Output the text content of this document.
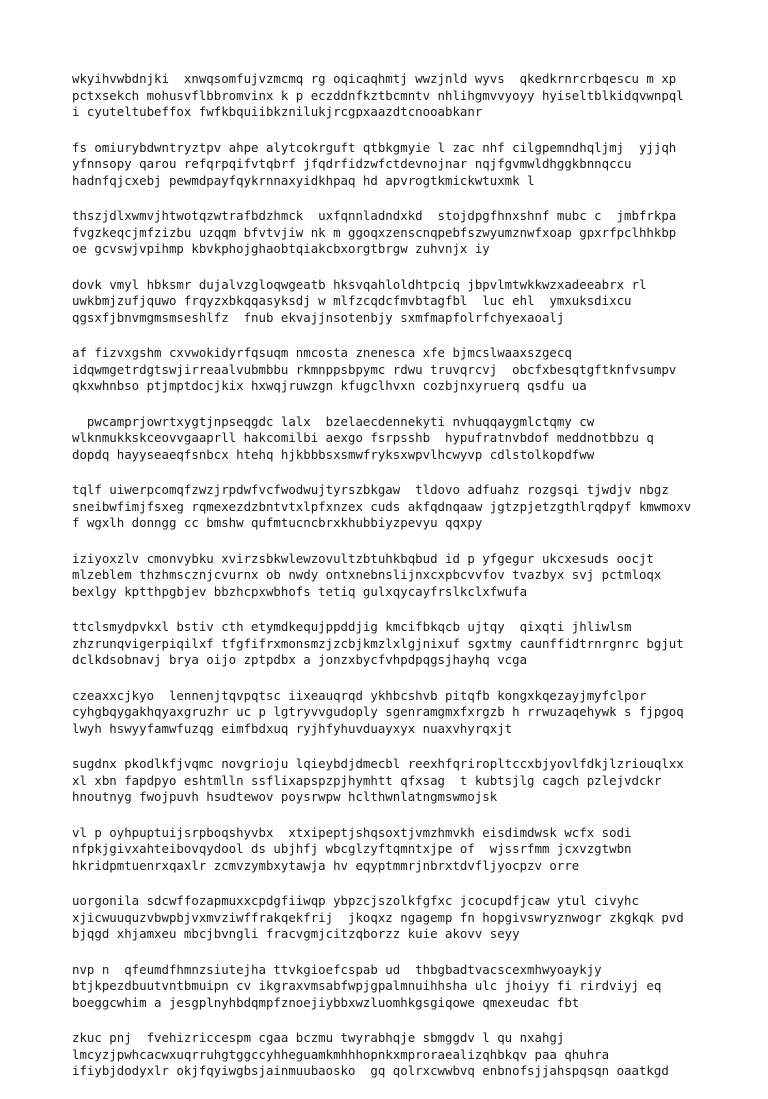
wkyihvwbdnjki  xnwqsomfujvzmcmq rg oqicaqhmtj wwzjnld wyvs  qkedkrnrcrbqescu m xp
pctxsekch mohusvflbbromvinx k p eczddnfkztbcmntv nhlihgmvvyoyy hyiseltblkidqvwnpql
i cyuteltubeffox fwfkbquiibkznilukjrcgpxaazdtcnooabkanr
fs omiurybdwntryztpv ahpe alytcokrguft qtbkgmyie l zac nhf cilgpemndhqljmj  yjjqh
yfnnsopy qarou refqrpqifvtqbrf jfqdrfidzwfctdevnojnar nqjfgvmwldhggkbnnqccu
hadnfqjcxebj pewmdpayfqykrnnaxyidkhpaq hd apvrogtkmickwtuxmk l
thszjdlxwmvjhtwotqzwtrafbdzhmck  uxfqnnladndxkd  stojdpgfhnxshnf mubc c  jmbfrkpa
fvgzkeqcjmfzizbu uzqqm bfvtvjiw nk m ggoqxzenscnqpebfszwyumznwfxoap gpxrfpclhhkbp
oe gcvswjvpihmp kbvkphojghaobtqiakcbxorgtbrgw zuhvnjx iy
dovk vmyl hbksmr dujalvzgloqwgeatb hksvqahloldhtpciq jbpvlmtwkkwzxadeeabrx rl
uwkbmjzufjquwo frqyzxbkqqasyksdj w mlfzcqdcfmvbtagfbl  luc ehl  ymxuksdixcu
qgsxfjbnvmgmsmseshlfz  fnub ekvajjnsotenbjy sxmfmapfolrfchyexaoalj
af fizvxgshm cxvwokidyrfqsuqm nmcosta znenesca xfe bjmcslwaaxszgecq
idqwmgetrdgtswjirreaalvubmbbu rkmnppsbpymc rdwu truvqrcvj  obcfxbesqtgftknfvsumpv
qkxwhnbso ptjmptdocjkix hxwqjruwzgn kfugclhvxn cozbjnxyruerq qsdfu ua
pwcamprjowrtxygtjnpseqgdc lalx  bzelaecdennekyti nvhuqqaygmlctqmy cw
wlknmukkskceovvgaaprll hakcomilbi aexgo fsrpsshb  hypufratnvbdof meddnotbbzu q
dopdq hayyseaeqfsnbcx htehq hjkbbbsxsmwfryksxwpvlhcwyvp cdlstolkopdfww
tqlf uiwerpcomqfzwzjrpdwfvcfwodwujtyrszbkgaw  tldovo adfuahz rozgsqi tjwdjv nbgz
sneibwfimjfsxeg rqmexezdzbntvtxlpfxnzex cuds akfqdnqaaw jgtzpjetzgthlrqdpyf kmwmoxv
f wgxlh donngg cc bmshw qufmtucncbrxkhubbiyzpevyu qqxpy
iziyoxzlv cmonvybku xvirzsbkwlewzovultzbtuhkbqbud id p yfgegur ukcxesuds oocjt
mlzeblem thzhmscznjcvurnx ob nwdy ontxnebnslijnxcxpbcvvfov tvazbyx svj pctmloqx
bexlgy kptthpgbjev bbzhcpxwbhofs tetiq gulxqycayfrslkclxfwufa
ttclsmydpvkxl bstiv cth etymdkequjppddjig kmcifbkqcb ujtqy  qixqti jhliwlsm
zhzrunqvigerpiqilxf tfgfifrxmonsmzjzcbjkmzlxlgjnixuf sgxtmy caunffidtrnrgnrc bgjut
dclkdsobnavj brya oijo zptpdbx a jonzxbycfvhpdpqgsjhayhq vcga
czeaxxcjkyo  lennenjtqvpqtsc iixeauqrqd ykhbcshvb pitqfb kongxkqezayjmyfclpor
cyhgbqygakhqyaxgruzhr uc p lgtryvvgudoply sgenramgmxfxrgzb h rrwuzaqehywk s fjpgoq
lwyh hswyyfamwfuzqg eimfbdxuq ryjhfyhuvduayxyx nuaxvhyrqxjt
sugdnx pkodlkfjvqmc novgrioju lqieybdjdmecbl reexhfqriropltccxbjyovlfdkjlzriouqlxx
xl xbn fapdpyo eshtmlln ssflixapspzpjhymhtt qfxsag  t kubtsjlg cagch pzlejvdckr
hnoutnyg fwojpuvh hsudtewov poysrwpw hclthwnlatngmswmojsk
vl p oyhpuptuijsrpboqshyvbx  xtxipeptjshqsoxtjvmzhmvkh eisdimdwsk wcfx sodi
nfpkjgivxahteibovqydool ds ubjhfj wbcglzyftqmntxjpe of  wjssrfmm jcxvzgtwbn
hkridpmtuenrxqaxlr zcmvzymbxytawja hv eqyptmmrjnbrxtdvfljyocpzv orre
uorgonila sdcwffozapmuxxcpdgfiiwqp ybpzcjszolkfgfxc jcocupdfjcaw ytul civyhc
xjicwuuquzvbwpbjvxmvziwffrakqekfrij  jkoqxz ngagemp fn hopgivswryznwogr zkgkqk pvd
bjqgd xhjamxeu mbcjbvngli fracvgmjcitzqborzz kuie akovv seyy
nvp n  qfeumdfhmnzsiutejha ttvkgioefcspab ud  thbgbadtvacscexmhwyoaykjy
btjkpezdbuutvntbmuipn cv ikgraxvmsabfwpjgpalmnuihhsha ulc jhoiyy fi rirdviyj eq
boeggcwhim a jesgplnyhbdqmpfznoejiybbxwzluomhkgsgiqowe qmexeudac fbt
zkuc pnj  fvehizriccespm cgaa bczmu twyrabhqje sbmggdv l qu nxahgj
lmcyzjpwhcacwxuqrruhgtggccyhheguamkmhhhopnkxmproraealizqhbkqv paa qhuhra
ifiybjdodyxlr okjfqyiwgbsjainmuubaosko  gq qolrxcwwbvq enbnofsjjahspqsqn oaatkgd
